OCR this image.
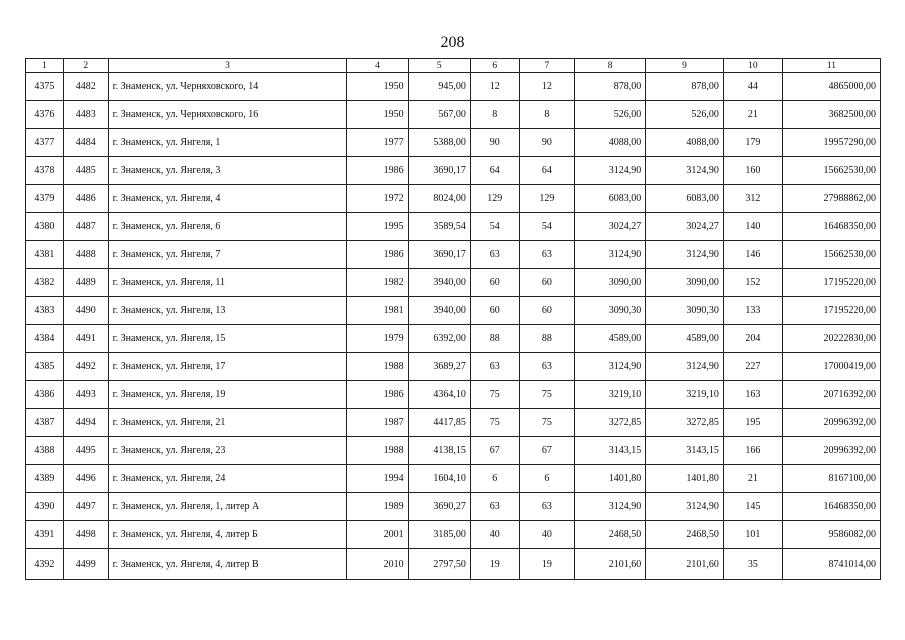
208
1	2	3	4	5	6	7	8	9	10	11
4375	4482	г. Знаменск, ул. Черняховского, 14	1950	945,00	12	12	878,00	878,00	44	4865000,00
4376	4483	г. Знаменск, ул. Черняховского, 16	1950	567,00	8	8	526,00	526,00	21	3682500,00
4377	4484	г. Знаменск, ул. Янгеля, 1	1977	5388,00	90	90	4088,00	4088,00	179	19957290,00
4378	4485	г. Знаменск, ул. Янгеля, 3	1986	3690,17	64	64	3124,90	3124,90	160	15662530,00
4379	4486	г. Знаменск, ул. Янгеля, 4	1972	8024,00	129	129	6083,00	6083,00	312	27988862,00
4380	4487	г. Знаменск, ул. Янгеля, 6	1995	3589,54	54	54	3024,27	3024,27	140	16468350,00
4381	4488	г. Знаменск, ул. Янгеля, 7	1986	3690,17	63	63	3124,90	3124,90	146	15662530,00
4382	4489	г. Знаменск, ул. Янгеля, 11	1982	3940,00	60	60	3090,00	3090,00	152	17195220,00
4383	4490	г. Знаменск, ул. Янгеля, 13	1981	3940,00	60	60	3090,30	3090,30	133	17195220,00
4384	4491	г. Знаменск, ул. Янгеля, 15	1979	6392,00	88	88	4589,00	4589,00	204	20222830,00
4385	4492	г. Знаменск, ул. Янгеля, 17	1988	3689,27	63	63	3124,90	3124,90	227	17000419,00
4386	4493	г. Знаменск, ул. Янгеля, 19	1986	4364,10	75	75	3219,10	3219,10	163	20716392,00
4387	4494	г. Знаменск, ул. Янгеля, 21	1987	4417,85	75	75	3272,85	3272,85	195	20996392,00
4388	4495	г. Знаменск, ул. Янгеля, 23	1988	4138,15	67	67	3143,15	3143,15	166	20996392,00
4389	4496	г. Знаменск, ул. Янгеля, 24	1994	1604,10	6	6	1401,80	1401,80	21	8167100,00
4390	4497	г. Знаменск, ул. Янгеля, 1, литер А	1989	3690,27	63	63	3124,90	3124,90	145	16468350,00
4391	4498	г. Знаменск, ул. Янгеля, 4, литер Б	2001	3185,00	40	40	2468,50	2468,50	101	9586082,00
4392	4499	г. Знаменск, ул. Янгеля, 4, литер В	2010	2797,50	19	19	2101,60	2101,60	35	8741014,00
